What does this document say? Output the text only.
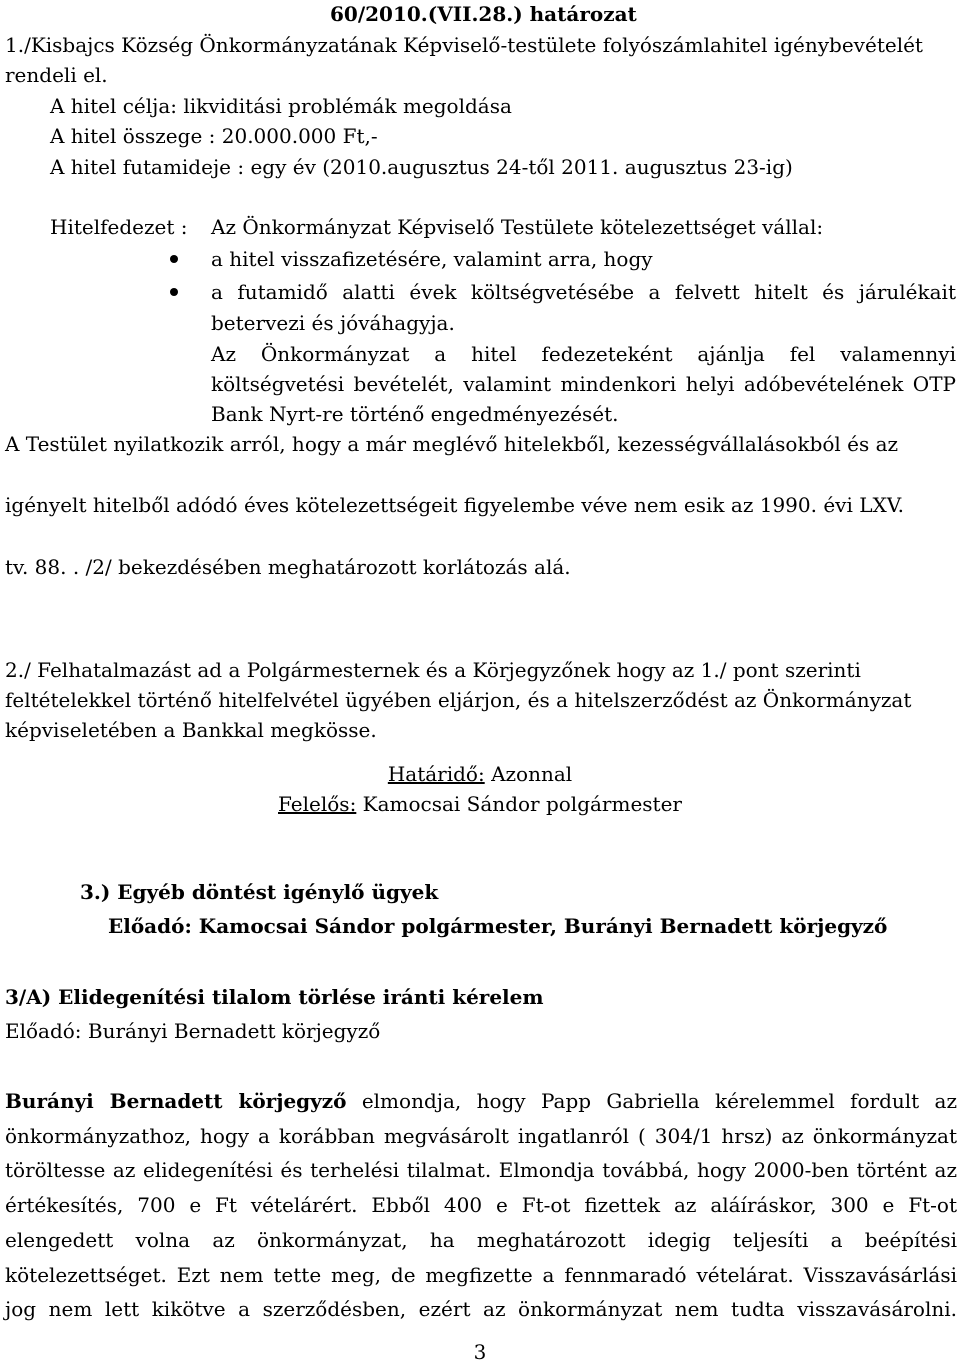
60/2010.(VII.28.) határozat
1./Kisbajcs Község Önkormányzatának Képviselő-testülete folyószámlahitel igénybevételét
rendeli el.
A hitel célja: likviditási problémák megoldása
A hitel összege : 20.000.000 Ft,-
A hitel futamideje : egy év (2010.augusztus 24-től 2011. augusztus 23-ig)
Hitelfedezet : Az Önkormányzat Képviselő Testülete kötelezettséget vállal:
a hitel visszafizetésére, valamint arra, hogy
a futamidő alatti évek költségvetésébe a felvett hitelt és járulékait
betervezi és jóváhagyja.
Az Önkormányzat a hitel fedezeteként ajánlja fel valamennyi
költségvetési bevételét, valamint mindenkori helyi adóbevételének OTP
Bank Nyrt-re történő engedményezését.
A Testület nyilatkozik arról, hogy a már meglévő hitelekből, kezességvállalásokból és az
igényelt hitelből adódó éves kötelezettségeit figyelembe véve nem esik az 1990. évi LXV.
tv. 88. . /2/ bekezdésében meghatározott korlátozás alá.
2./ Felhatalmazást ad a Polgármesternek és a Körjegyzőnek hogy az 1./ pont szerinti
feltételekkel történő hitelfelvétel ügyében eljárjon, és a hitelszerződést az Önkormányzat
képviseletében a Bankkal megkösse.
Határidő: Azonnal
Felelős: Kamocsai Sándor polgármester
3.) Egyéb döntést igénylő ügyek
Előadó: Kamocsai Sándor polgármester, Burányi Bernadett körjegyző
3/A) Elidegenítési tilalom törlése iránti kérelem
Előadó: Burányi Bernadett körjegyző
Burányi Bernadett körjegyző elmondja, hogy Papp Gabriella kérelemmel fordult az
önkormányzathoz, hogy a korábban megvásárolt ingatlanról ( 304/1 hrsz) az önkormányzat
töröltesse az elidegenítési és terhelési tilalmat. Elmondja továbbá, hogy 2000-ben történt az
értékesítés, 700 e Ft vételárért. Ebből 400 e Ft-ot fizettek az aláíráskor, 300 e Ft-ot
elengedett volna az önkormányzat, ha meghatározott idegig teljesíti a beépítési
kötelezettséget. Ezt nem tette meg, de megfizette a fennmaradó vételárat. Visszavásárlási
jog nem lett kikötve a szerződésben, ezért az önkormányzat nem tudta visszavásárolni.
3
